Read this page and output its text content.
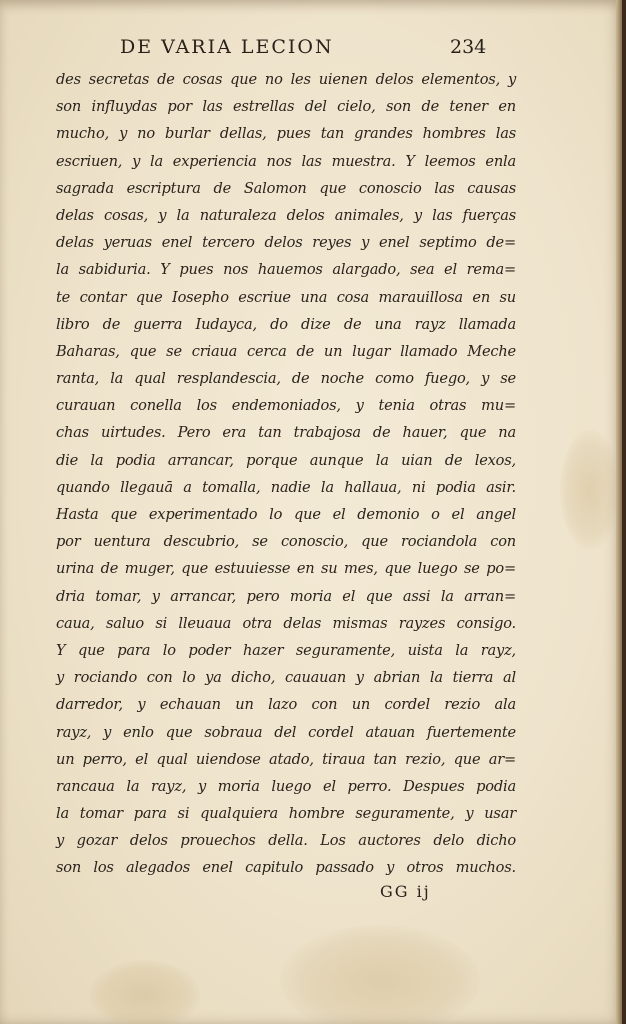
DE VARIA LECION	234
des secretas de cosas que no les uienen delos elementos, y
son influydas por las estrellas del cielo, son de tener en
mucho, y no burlar dellas, pues tan grandes hombres las
escriuen, y la experiencia nos las muestra. Y leemos enla
sagrada escriptura de Salomon que conoscio las causas
delas cosas, y la naturaleza delos animales, y las fuerças
delas yeruas enel tercero delos reyes y enel septimo de=
la sabiduria. Y pues nos hauemos alargado, sea el rema=
te contar que Iosepho escriue una cosa marauillosa en su
libro de guerra Iudayca, do dize de una rayz llamada
Baharas, que se criaua cerca de un lugar llamado Meche
ranta, la qual resplandescia, de noche como fuego, y se
curauan conella los endemoniados, y tenia otras mu=
chas uirtudes. Pero era tan trabajosa de hauer, que na
die la podia arrancar, porque aunque la uian de lexos,
quando llegauā a tomalla, nadie la hallaua, ni podia asir.
Hasta que experimentado lo que el demonio o el angel
por uentura descubrio, se conoscio, que rociandola con
urina de muger, que estuuiesse en su mes, que luego se po=
dria tomar, y arrancar, pero moria el que assi la arran=
caua, saluo si lleuaua otra delas mismas rayzes consigo.
Y que para lo poder hazer seguramente, uista la rayz,
y rociando con lo ya dicho, cauauan y abrian la tierra al
darredor, y echauan un lazo con un cordel rezio ala
rayz, y enlo que sobraua del cordel atauan fuertemente
un perro, el qual uiendose atado, tiraua tan rezio, que ar=
rancaua la rayz, y moria luego el perro. Despues podia
la tomar para si qualquiera hombre seguramente, y usar
y gozar delos prouechos della. Los auctores delo dicho
son los alegados enel capitulo passado y otros muchos.
GG ij
